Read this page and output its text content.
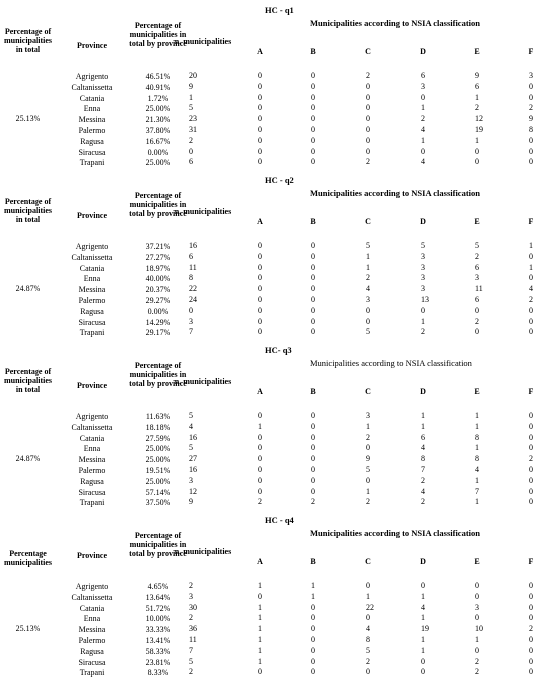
HC - q1
Municipalities according to NSIA classification
Percentage of municipalities in total	Province
Percentage of municipalities in total by province
n. municipalities
A	B	C	D	E	F
25.13%
Agrigento	46.51%	20	0	0	2	6	9	3
Caltanissetta	40.91%	9	0	0	0	3	6	0
Catania	1.72%	1	0	0	0	0	1	0
Enna	25.00%	5	0	0	0	1	2	2
Messina	21.30%	23	0	0	0	2	12	9
Palermo	37.80%	31	0	0	0	4	19	8
Ragusa	16.67%	2	0	0	0	1	1	0
Siracusa	0.00%	0	0	0	0	0	0	0
Trapani	25.00%	6	0	0	2	4	0	0
HC - q2
Municipalities according to NSIA classification
Percentage of municipalities in total	Province
Percentage of municipalities in total by province
n. municipalities
A	B	C	D	E	F
24.87%
Agrigento	37.21%	16	0	0	5	5	5	1
Caltanissetta	27.27%	6	0	0	1	3	2	0
Catania	18.97%	11	0	0	1	3	6	1
Enna	40.00%	8	0	0	2	3	3	0
Messina	20.37%	22	0	0	4	3	11	4
Palermo	29.27%	24	0	0	3	13	6	2
Ragusa	0.00%	0	0	0	0	0	0	0
Siracusa	14.29%	3	0	0	0	1	2	0
Trapani	29.17%	7	0	0	5	2	0	0
HC- q3
Municipalities according to NSIA classification
Percentage of municipalities in total	Province
Percentage of municipalities in total by province
n. municipalities
A	B	C	D	E	F
24.87%
Agrigento	11.63%	5	0	0	3	1	1	0
Caltanissetta	18.18%	4	1	0	1	1	1	0
Catania	27.59%	16	0	0	2	6	8	0
Enna	25.00%	5	0	0	0	4	1	0
Messina	25.00%	27	0	0	9	8	8	2
Palermo	19.51%	16	0	0	5	7	4	0
Ragusa	25.00%	3	0	0	0	2	1	0
Siracusa	57.14%	12	0	0	1	4	7	0
Trapani	37.50%	9	2	2	2	2	1	0
HC - q4
Municipalities according to NSIA classification
Percentage municipalities
Province
Percentage of municipalities in total by province
n. municipalities
A	B	C	D	E	F
25.13%
Agrigento	4.65%	2	1	1	0	0	0	0
Caltanissetta	13.64%	3	0	1	1	1	0	0
Catania	51.72%	30	1	0	22	4	3	0
Enna	10.00%	2	1	0	0	1	0	0
Messina	33.33%	36	1	0	4	19	10	2
Palermo	13.41%	11	1	0	8	1	1	0
Ragusa	58.33%	7	1	0	5	1	0	0
Siracusa	23.81%	5	1	0	2	0	2	0
Trapani	8.33%	2	0	0	0	0	2	0
